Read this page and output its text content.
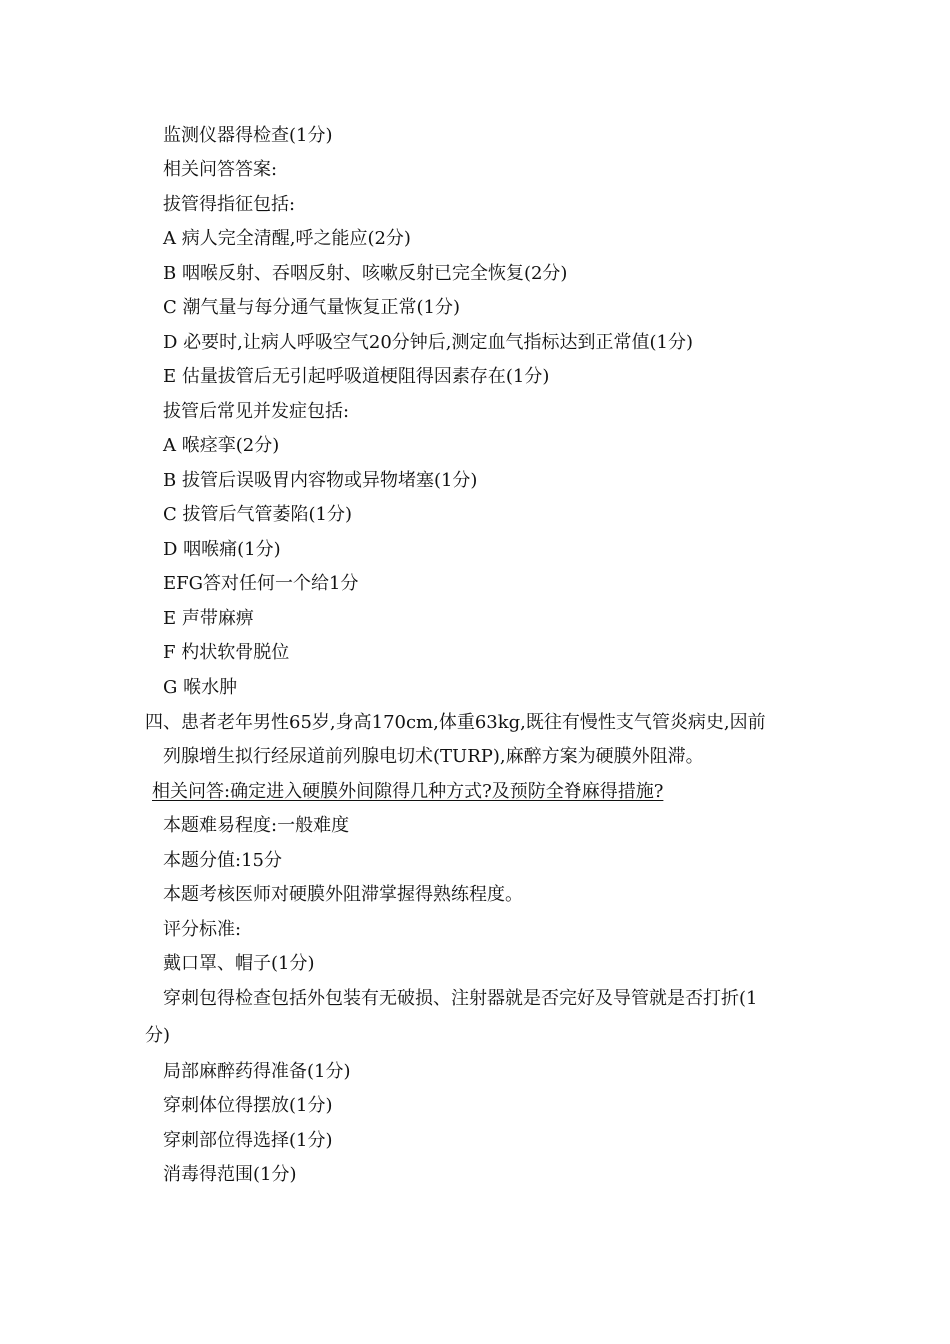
监测仪器得检查(1分)
相关问答答案:
拔管得指征包括:
A 病人完全清醒,呼之能应(2分)
B 咽喉反射、吞咽反射、咳嗽反射已完全恢复(2分)
C 潮气量与每分通气量恢复正常(1分)
D 必要时,让病人呼吸空气20分钟后,测定血气指标达到正常值(1分)
E 估量拔管后无引起呼吸道梗阻得因素存在(1分)
拔管后常见并发症包括:
A 喉痉挛(2分)
B 拔管后误吸胃内容物或异物堵塞(1分)
C 拔管后气管萎陷(1分)
D 咽喉痛(1分)
EFG答对任何一个给1分
E 声带麻痹
F 杓状软骨脱位
G 喉水肿
四、患者老年男性65岁,身高170cm,体重63kg,既往有慢性支气管炎病史,因前
列腺增生拟行经尿道前列腺电切术(TURP),麻醉方案为硬膜外阻滞。
相关问答:确定进入硬膜外间隙得几种方式?及预防全脊麻得措施?
本题难易程度:一般难度
本题分值:15分
本题考核医师对硬膜外阻滞掌握得熟练程度。
评分标准:
戴口罩、帽子(1分)
穿刺包得检查包括外包装有无破损、注射器就是否完好及导管就是否打折(1
分)
局部麻醉药得准备(1分)
穿刺体位得摆放(1分)
穿刺部位得选择(1分)
消毒得范围(1分)
